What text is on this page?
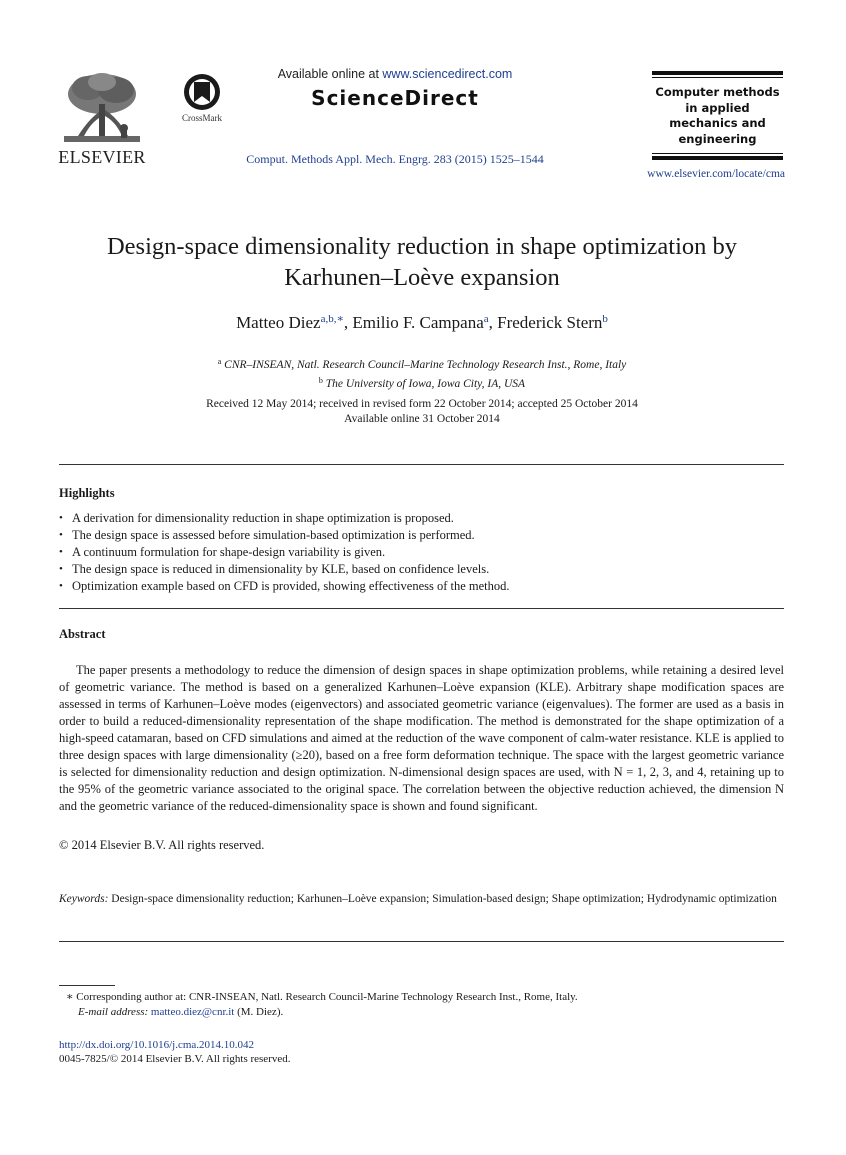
ELSEVIER
CrossMark
Available online at www.sciencedirect.com
ScienceDirect
Comput. Methods Appl. Mech. Engrg. 283 (2015) 1525–1544
Computer methods
in applied
mechanics and
engineering
www.elsevier.com/locate/cma
Design-space dimensionality reduction in shape optimization by
Karhunen–Loève expansion
Matteo Diez$^{a,b,∗}$, Emilio F. Campana$^a$, Frederick Stern$^b$
$^a$ CNR–INSEAN, Natl. Research Council–Marine Technology Research Inst., Rome, Italy
$^b$ The University of Iowa, Iowa City, IA, USA
Received 12 May 2014; received in revised form 22 October 2014; accepted 25 October 2014
Available online 31 October 2014
Highlights
• A derivation for dimensionality reduction in shape optimization is proposed.
• The design space is assessed before simulation-based optimization is performed.
• A continuum formulation for shape-design variability is given.
• The design space is reduced in dimensionality by KLE, based on confidence levels.
• Optimization example based on CFD is provided, showing effectiveness of the method.
Abstract

The paper presents a methodology to reduce the dimension of design spaces in shape optimization problems, while retaining a desired level of geometric variance. The method is based on a generalized Karhunen–Loève expansion (KLE). Arbitrary shape modification spaces are assessed in terms of Karhunen–Loève modes (eigenvectors) and associated geometric variance (eigenvalues). The former are used as a basis in order to build a reduced-dimensionality representation of the shape modification. The method is demonstrated for the shape optimization of a high-speed catamaran, based on CFD simulations and aimed at the reduction of the wave component of calm-water resistance. KLE is applied to three design spaces with large dimensionality (≥20), based on a free form deformation technique. The space with the largest geometric variance is selected for dimensionality reduction and design optimization. N-dimensional design spaces are used, with N = 1, 2, 3, and 4, retaining up to the 95% of the geometric variance associated to the original space. The correlation between the objective reduction achieved, the dimension N and the geometric variance of the reduced-dimensionality space is shown and found significant.

© 2014 Elsevier B.V. All rights reserved.

Keywords: Design-space dimensionality reduction; Karhunen–Loève expansion; Simulation-based design; Shape optimization; Hydrodynamic optimization

∗ Corresponding author at: CNR-INSEAN, Natl. Research Council-Marine Technology Research Inst., Rome, Italy.
E-mail address: matteo.diez@cnr.it (M. Diez).
http://dx.doi.org/10.1016/j.cma.2014.10.042
0045-7825/© 2014 Elsevier B.V. All rights reserved.
